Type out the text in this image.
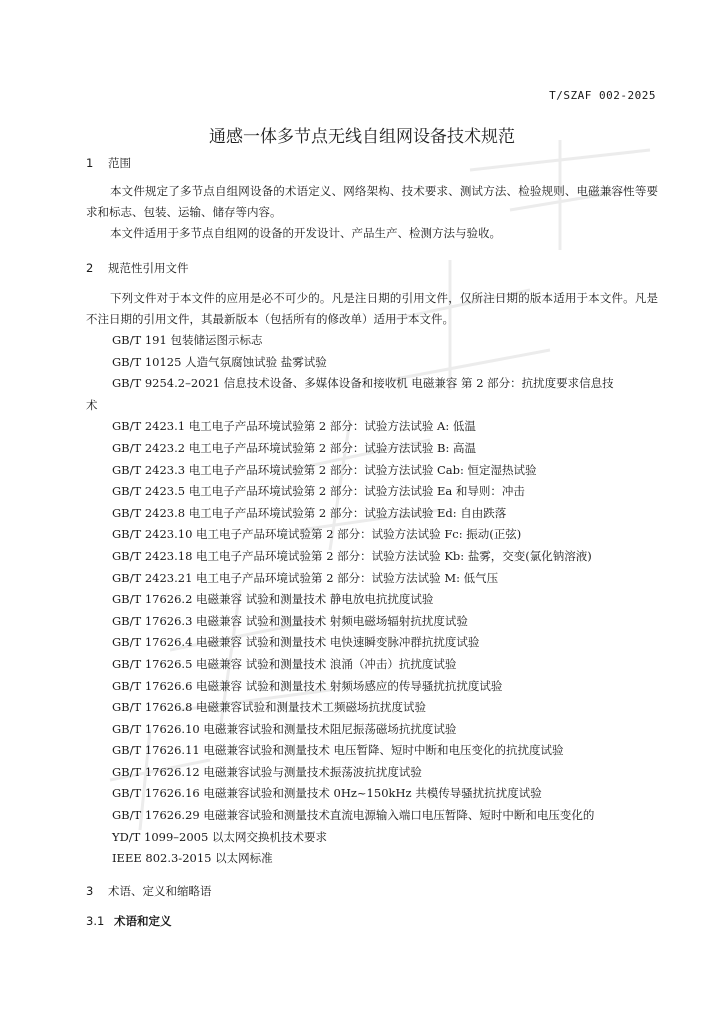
T/SZAF 002-2025
通感一体多节点无线自组网设备技术规范
1 范围

本文件规定了多节点自组网设备的术语定义、网络架构、技术要求、测试方法、检验规则、电磁兼容性等要求和标志、包装、运输、储存等内容。

本文件适用于多节点自组网的设备的开发设计、产品生产、检测方法与验收。

2 规范性引用文件

下列文件对于本文件的应用是必不可少的。凡是注日期的引用文件，仅所注日期的版本适用于本文件。凡是不注日期的引用文件，其最新版本（包括所有的修改单）适用于本文件。

GB/T 191 包装储运图示标志
GB/T 10125 人造气氛腐蚀试验 盐雾试验
GB/T 9254.2–2021 信息技术设备、多媒体设备和接收机 电磁兼容 第 2 部分：抗扰度要求信息技
术
GB/T 2423.1 电工电子产品环境试验第 2 部分：试验方法试验 A: 低温
GB/T 2423.2 电工电子产品环境试验第 2 部分：试验方法试验 B: 高温
GB/T 2423.3 电工电子产品环境试验第 2 部分：试验方法试验 Cab: 恒定湿热试验
GB/T 2423.5 电工电子产品环境试验第 2 部分：试验方法试验 Ea 和导则：冲击
GB/T 2423.8 电工电子产品环境试验第 2 部分：试验方法试验 Ed: 自由跌落
GB/T 2423.10 电工电子产品环境试验第 2 部分：试验方法试验 Fc: 振动(正弦)
GB/T 2423.18 电工电子产品环境试验第 2 部分：试验方法试验 Kb: 盐雾，交变(氯化钠溶液)
GB/T 2423.21 电工电子产品环境试验第 2 部分：试验方法试验 M: 低气压
GB/T 17626.2 电磁兼容 试验和测量技术 静电放电抗扰度试验
GB/T 17626.3 电磁兼容 试验和测量技术 射频电磁场辐射抗扰度试验
GB/T 17626.4 电磁兼容 试验和测量技术 电快速瞬变脉冲群抗扰度试验
GB/T 17626.5 电磁兼容 试验和测量技术 浪涌（冲击）抗扰度试验
GB/T 17626.6 电磁兼容 试验和测量技术 射频场感应的传导骚扰抗扰度试验
GB/T 17626.8 电磁兼容试验和测量技术工频磁场抗扰度试验
GB/T 17626.10 电磁兼容试验和测量技术阻尼振荡磁场抗扰度试验
GB/T 17626.11 电磁兼容试验和测量技术 电压暂降、短时中断和电压变化的抗扰度试验
GB/T 17626.12 电磁兼容试验与测量技术振荡波抗扰度试验
GB/T 17626.16 电磁兼容试验和测量技术 0Hz~150kHz 共模传导骚扰抗扰度试验
GB/T 17626.29 电磁兼容试验和测量技术直流电源输入端口电压暂降、短时中断和电压变化的
YD/T 1099–2005 以太网交换机技术要求
IEEE 802.3-2015 以太网标准
3 术语、定义和缩略语
3.1 术语和定义
